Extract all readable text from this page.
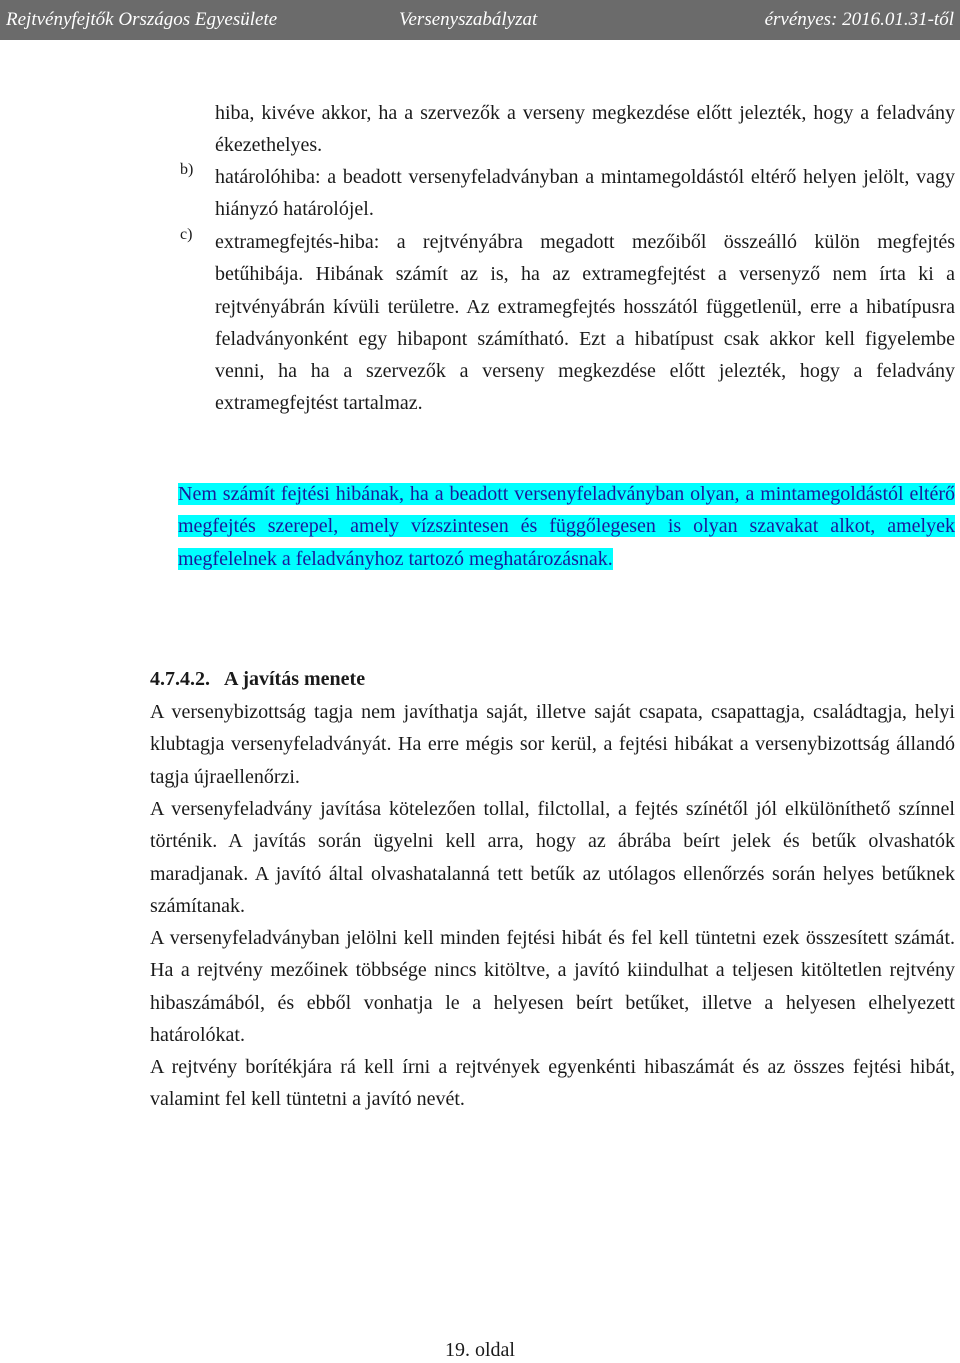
Rejtvényfejtők Országos Egyesülete	Versenyszabályzat	érvényes: 2016.01.31-től

hiba, kivéve akkor, ha a szervezők a verseny megkezdése előtt jelezték, hogy a feladvány ékezethelyes.

b) határolóhiba: a beadott versenyfeladványban a mintamegoldástól eltérő helyen jelölt, vagy hiányzó határolójel.

c) extramegfejtés-hiba: a rejtvényábra megadott mezőiből összeálló külön megfejtés betűhibája. Hibának számít az is, ha az extramegfejtést a versenyző nem írta ki a rejtvényábrán kívüli területre. Az extramegfejtés hosszától függetlenül, erre a hibatípusra feladványonként egy hibapont számítható. Ezt a hibatípust csak akkor kell figyelembe venni, ha ha a szervezők a verseny megkezdése előtt jelezték, hogy a feladvány extramegfejtést tartalmaz.

Nem számít fejtési hibának, ha a beadott versenyfeladványban olyan, a mintamegoldástól eltérő megfejtés szerepel, amely vízszintesen és függőlegesen is olyan szavakat alkot, amelyek megfelelnek a feladványhoz tartozó meghatározásnak.

4.7.4.2. A javítás menete

A versenybizottság tagja nem javíthatja saját, illetve saját csapata, csapattagja, családtagja, helyi klubtagja versenyfeladványát. Ha erre mégis sor kerül, a fejtési hibákat a versenybizottság állandó tagja újraellenőrzi.

A versenyfeladvány javítása kötelezően tollal, filctollal, a fejtés színétől jól elkülöníthető színnel történik. A javítás során ügyelni kell arra, hogy az ábrába beírt jelek és betűk olvashatók maradjanak. A javító által olvashatalanná tett betűk az utólagos ellenőrzés során helyes betűknek számítanak.

A versenyfeladványban jelölni kell minden fejtési hibát és fel kell tüntetni ezek összesített számát. Ha a rejtvény mezőinek többsége nincs kitöltve, a javító kiindulhat a teljesen kitöltetlen rejtvény hibaszámából, és ebből vonhatja le a helyesen beírt betűket, illetve a helyesen elhelyezett határolókat.

A rejtvény borítékjára rá kell írni a rejtvények egyenkénti hibaszámát és az összes fejtési hibát, valamint fel kell tüntetni a javító nevét.

19. oldal
